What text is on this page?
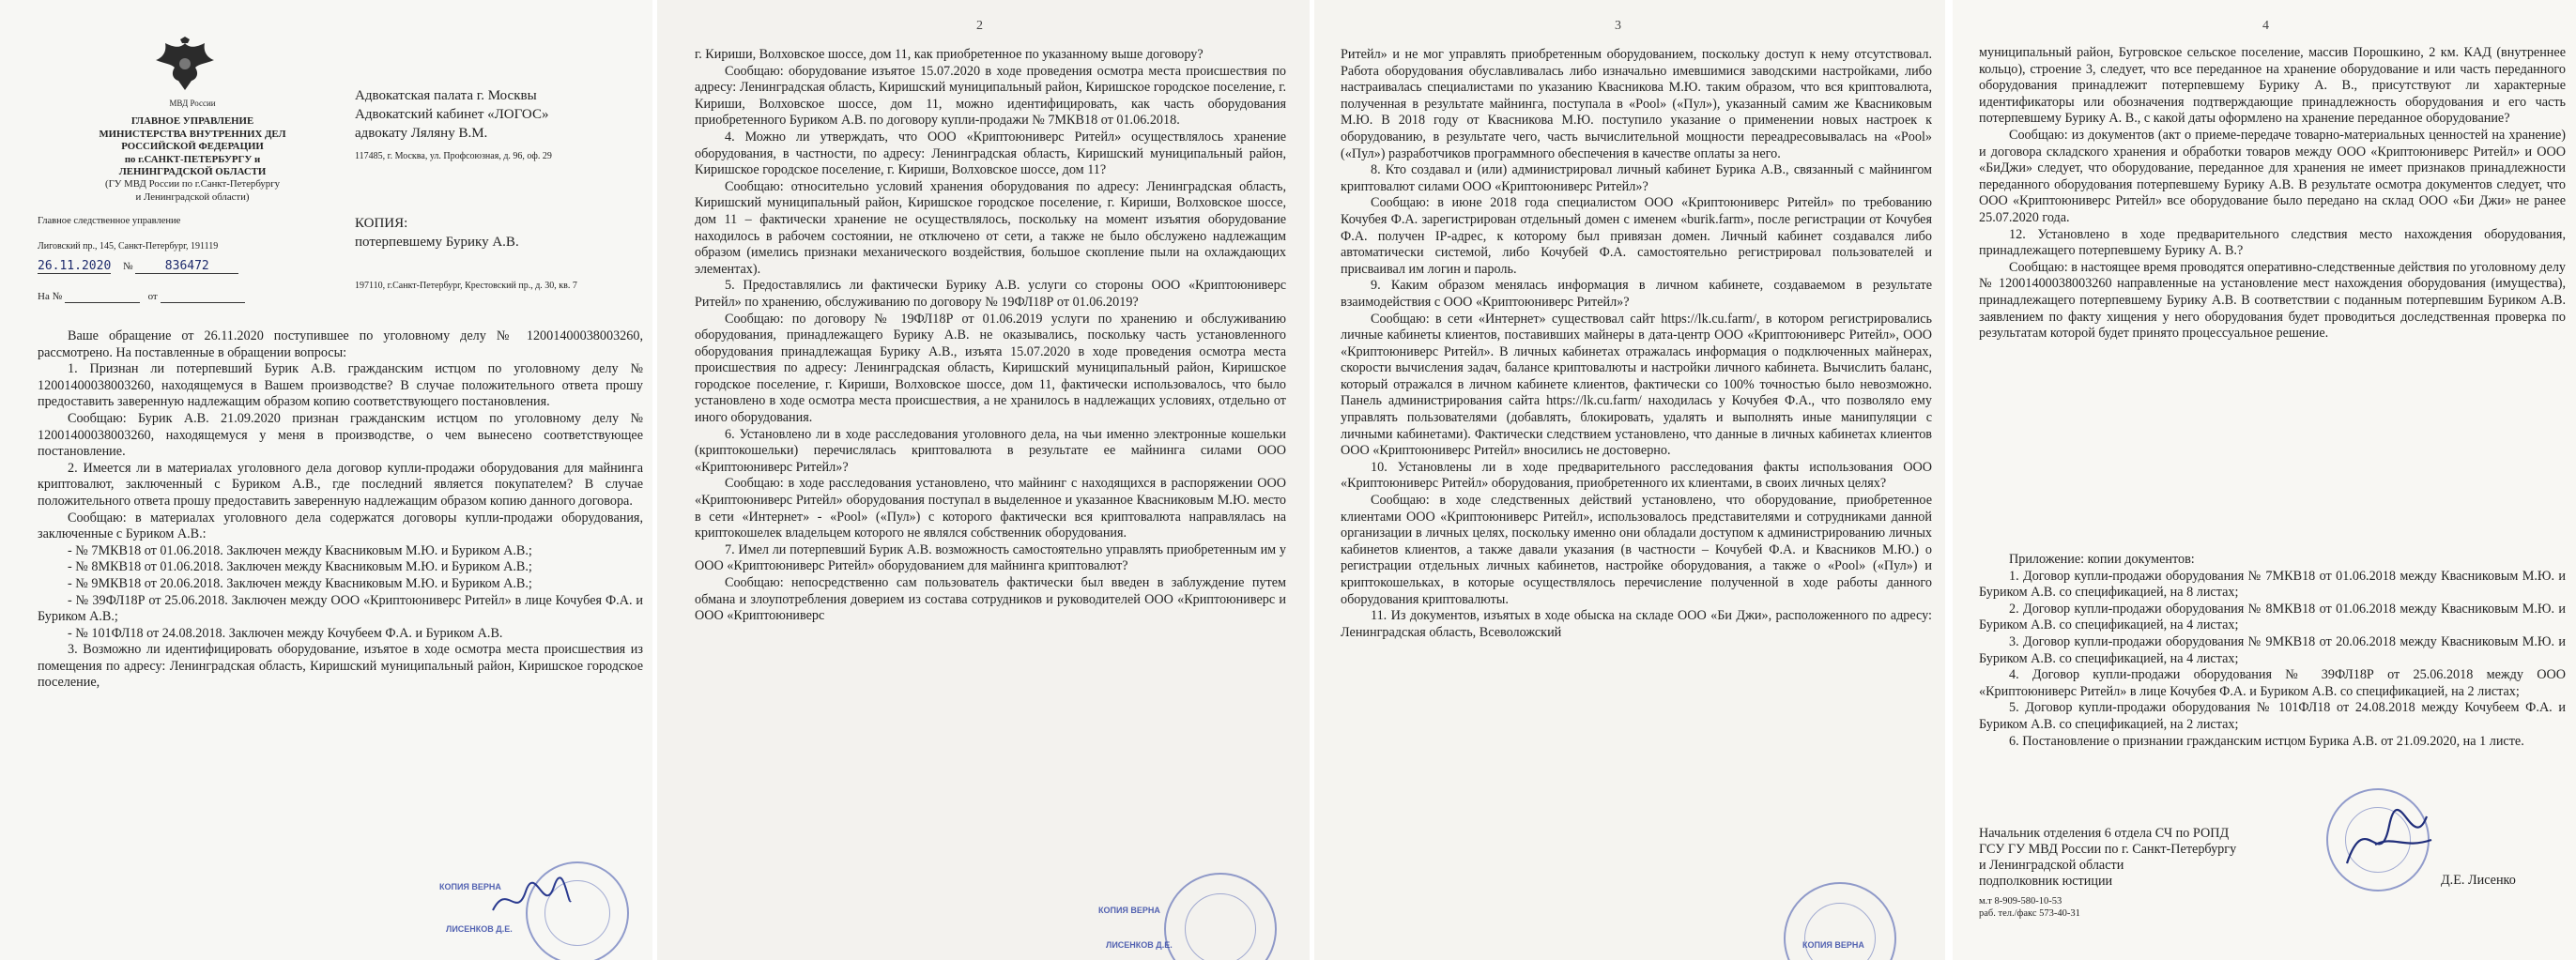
МВД России
ГЛАВНОЕ УПРАВЛЕНИЕ
МИНИСТЕРСТВА ВНУТРЕННИХ ДЕЛ
РОССИЙСКОЙ ФЕДЕРАЦИИ
по г.САНКТ-ПЕТЕРБУРГУ и
ЛЕНИНГРАДСКОЙ ОБЛАСТИ
(ГУ МВД России по г.Санкт-Петербургу
и Ленинградской области)
Главное следственное управление
Лиговский пр., 145, Санкт-Петербург, 191119
26.11.2020 №	836472
На №	от
Адвокатская палата г. Москвы
Адвокатский кабинет «ЛОГОС»
адвокату Ляляну В.М.
117485, г. Москва, ул. Профсоюзная, д. 96, оф. 29
КОПИЯ:
потерпевшему Бурику А.В.
197110, г.Санкт-Петербург, Крестовский пр., д. 30, кв. 7

Ваше обращение от 26.11.2020 поступившее по уголовному делу № 12001400038003260, рассмотрено. На поставленные в обращении вопросы:

1. Признан ли потерпевший Бурик А.В. гражданским истцом по уголовному делу № 12001400038003260, находящемуся в Вашем производстве? В случае положительного ответа прошу предоставить заверенную надлежащим образом копию соответствующего постановления.

Сообщаю: Бурик А.В. 21.09.2020 признан гражданским истцом по уголовному делу № 12001400038003260, находящемуся у меня в производстве, о чем вынесено соответствующее постановление.

2. Имеется ли в материалах уголовного дела договор купли-продажи оборудования для майнинга криптовалют, заключенный с Буриком А.В., где последний является покупателем? В случае положительного ответа прошу предоставить заверенную надлежащим образом копию данного договора.

Сообщаю: в материалах уголовного дела содержатся договоры купли-продажи оборудования, заключенные с Буриком А.В.:

- № 7МКВ18 от 01.06.2018. Заключен между Квасниковым М.Ю. и Буриком А.В.;

- № 8МКВ18 от 01.06.2018. Заключен между Квасниковым М.Ю. и Буриком А.В.;

- № 9МКВ18 от 20.06.2018. Заключен между Квасниковым М.Ю. и Буриком А.В.;

- № 39ФЛ18Р от 25.06.2018. Заключен между ООО «Криптоюниверс Ритейл» в лице Кочубея Ф.А. и Буриком А.В.;

- № 101ФЛ18 от 24.08.2018. Заключен между Кочубеем Ф.А. и Буриком А.В.

3. Возможно ли идентифицировать оборудование, изъятое в ходе осмотра места происшествия из помещения по адресу: Ленинградская область, Киришский муниципальный район, Киришское городское поселение,

КОПИЯ ВЕРНА
ЛИСЕНКОВ Д.Е.
2

г. Кириши, Волховское шоссе, дом 11, как приобретенное по указанному выше договору?

Сообщаю: оборудование изъятое 15.07.2020 в ходе проведения осмотра места происшествия по адресу: Ленинградская область, Киришский муниципальный район, Киришское городское поселение, г. Кириши, Волховское шоссе, дом 11, можно идентифицировать, как часть оборудования приобретенного Буриком А.В. по договору купли-продажи № 7МКВ18 от 01.06.2018.

4. Можно ли утверждать, что ООО «Криптоюниверс Ритейл» осуществлялось хранение оборудования, в частности, по адресу: Ленинградская область, Киришский муниципальный район, Киришское городское поселение, г. Кириши, Волховское шоссе, дом 11?

Сообщаю: относительно условий хранения оборудования по адресу: Ленинградская область, Киришский муниципальный район, Киришское городское поселение, г. Кириши, Волховское шоссе, дом 11 – фактически хранение не осуществлялось, поскольку на момент изъятия оборудование находилось в рабочем состоянии, не отключено от сети, а также не было обслужено надлежащим образом (имелись признаки механического воздействия, большое скопление пыли на охлаждающих элементах).

5. Предоставлялись ли фактически Бурику А.В. услуги со стороны ООО «Криптоюниверс Ритейл» по хранению, обслуживанию по договору № 19ФЛ18Р от 01.06.2019?

Сообщаю: по договору № 19ФЛ18Р от 01.06.2019 услуги по хранению и обслуживанию оборудования, принадлежащего Бурику А.В. не оказывались, поскольку часть установленного оборудования принадлежащая Бурику А.В., изъята 15.07.2020 в ходе проведения осмотра места происшествия по адресу: Ленинградская область, Киришский муниципальный район, Киришское городское поселение, г. Кириши, Волховское шоссе, дом 11, фактически использовалось, что было установлено в ходе осмотра места происшествия, а не хранилось в надлежащих условиях, отдельно от иного оборудования.

6. Установлено ли в ходе расследования уголовного дела, на чьи именно электронные кошельки (криптокошельки) перечислялась криптовалюта в результате ее майнинга силами ООО «Криптоюниверс Ритейл»?

Сообщаю: в ходе расследования установлено, что майнинг с находящихся в распоряжении ООО «Криптоюниверс Ритейл» оборудования поступал в выделенное и указанное Квасниковым М.Ю. место в сети «Интернет» - «Pool» («Пул») с которого фактически вся криптовалюта направлялась на криптокошелек владельцем которого не являлся собственник оборудования.

7. Имел ли потерпевший Бурик А.В. возможность самостоятельно управлять приобретенным им у ООО «Криптоюниверс Ритейл» оборудованием для майнинга криптовалют?

Сообщаю: непосредственно сам пользователь фактически был введен в заблуждение путем обмана и злоупотребления доверием из состава сотрудников и руководителей ООО «Криптоюниверс и ООО «Криптоюниверс

КОПИЯ ВЕРНА
ЛИСЕНКОВ Д.Е.
3

Ритейл» и не мог управлять приобретенным оборудованием, поскольку доступ к нему отсутствовал. Работа оборудования обуславливалась либо изначально имевшимися заводскими настройками, либо настраивалась специалистами по указанию Квасникова М.Ю. таким образом, что вся криптовалюта, полученная в результате майнинга, поступала в «Pool» («Пул»), указанный самим же Квасниковым М.Ю. В 2018 году от Квасникова М.Ю. поступило указание о применении новых настроек к оборудованию, в результате чего, часть вычислительной мощности переадресовывалась на «Pool» («Пул») разработчиков программного обеспечения в качестве оплаты за него.

8. Кто создавал и (или) администрировал личный кабинет Бурика А.В., связанный с майнингом криптовалют силами ООО «Криптоюниверс Ритейл»?

Сообщаю: в июне 2018 года специалистом ООО «Криптоюниверс Ритейл» по требованию Кочубея Ф.А. зарегистрирован отдельный домен с именем «burik.farm», после регистрации от Кочубея Ф.А. получен IP-адрес, к которому был привязан домен. Личный кабинет создавался либо автоматически системой, либо Кочубей Ф.А. самостоятельно регистрировал пользователей и присваивал им логин и пароль.

9. Каким образом менялась информация в личном кабинете, создаваемом в результате взаимодействия с ООО «Криптоюниверс Ритейл»?

Сообщаю: в сети «Интернет» существовал сайт https://lk.cu.farm/, в котором регистрировались личные кабинеты клиентов, поставивших майнеры в дата-центр ООО «Криптоюниверс Ритейл», ООО «Криптоюниверс Ритейл». В личных кабинетах отражалась информация о подключенных майнерах, скорости вычисления задач, балансе криптовалюты и настройки личного кабинета. Вычислить баланс, который отражался в личном кабинете клиентов, фактически со 100% точностью было невозможно. Панель администрирования сайта https://lk.cu.farm/ находилась у Кочубея Ф.А., что позволяло ему управлять пользователями (добавлять, блокировать, удалять и выполнять иные манипуляции с личными кабинетами). Фактически следствием установлено, что данные в личных кабинетах клиентов ООО «Криптоюниверс Ритейл» вносились не достоверно.

10. Установлены ли в ходе предварительного расследования факты использования ООО «Криптоюниверс Ритейл» оборудования, приобретенного их клиентами, в своих личных целях?

Сообщаю: в ходе следственных действий установлено, что оборудование, приобретенное клиентами ООО «Криптоюниверс Ритейл», использовалось представителями и сотрудниками данной организации в личных целях, поскольку именно они обладали доступом к администрированию личных кабинетов клиентов, а также давали указания (в частности – Кочубей Ф.А. и Квасников М.Ю.) о регистрации отдельных личных кабинетов, настройке оборудования, а также о «Pool» («Пул») и криптокошельках, в которые осуществлялось перечисление полученной в ходе работы данного оборудования криптовалюты.

11. Из документов, изъятых в ходе обыска на складе ООО «Би Джи», расположенного по адресу: Ленинградская область, Всеволожский

КОПИЯ ВЕРНА
4

муниципальный район, Бугровское сельское поселение, массив Порошкино, 2 км. КАД (внутреннее кольцо), строение 3, следует, что все переданное на хранение оборудование и или часть переданного оборудования принадлежит потерпевшему Бурику А. В., присутствуют ли характерные идентификаторы или обозначения подтверждающие принадлежность оборудования и его часть потерпевшему Бурику А. В., с какой даты оформлено на хранение переданное оборудование?

Сообщаю: из документов (акт о приеме-передаче товарно-материальных ценностей на хранение) и договора складского хранения и обработки товаров между ООО «Криптоюниверс Ритейл» и ООО «БиДжи» следует, что оборудование, переданное для хранения не имеет признаков принадлежности переданного оборудования потерпевшему Бурику А.В. В результате осмотра документов следует, что ООО «Криптоюниверс Ритейл» все оборудование было передано на склад ООО «Би Джи» не ранее 25.07.2020 года.

12. Установлено в ходе предварительного следствия место нахождения оборудования, принадлежащего потерпевшему Бурику А. В.?

Сообщаю: в настоящее время проводятся оперативно-следственные действия по уголовному делу № 12001400038003260 направленные на установление мест нахождения оборудования (имущества), принадлежащего потерпевшему Бурику А.В. В соответствии с поданным потерпевшим Буриком А.В. заявлением по факту хищения у него оборудования будет проводиться доследственная проверка по результатам которой будет принято процессуальное решение.

Приложение: копии документов:

1. Договор купли-продажи оборудования № 7МКВ18 от 01.06.2018 между Квасниковым М.Ю. и Буриком А.В. со спецификацией, на 8 листах;

2. Договор купли-продажи оборудования № 8МКВ18 от 01.06.2018 между Квасниковым М.Ю. и Буриком А.В. со спецификацией, на 4 листах;

3. Договор купли-продажи оборудования № 9МКВ18 от 20.06.2018 между Квасниковым М.Ю. и Буриком А.В. со спецификацией, на 4 листах;

4. Договор купли-продажи оборудования № 39ФЛ18Р от 25.06.2018 между ООО «Криптоюниверс Ритейл» в лице Кочубея Ф.А. и Буриком А.В. со спецификацией, на 2 листах;

5. Договор купли-продажи оборудования № 101ФЛ18 от 24.08.2018 между Кочубеем Ф.А. и Буриком А.В. со спецификацией, на 2 листах;

6. Постановление о признании гражданским истцом Бурика А.В. от 21.09.2020, на 1 листе.

Начальник отделения 6 отдела СЧ по РОПД

ГСУ ГУ МВД России по г. Санкт-Петербургу

и Ленинградской области

подполковник юстиции

м.т 8-909-580-10-53
раб. тел./факс 573-40-31
Д.Е. Лисенко
